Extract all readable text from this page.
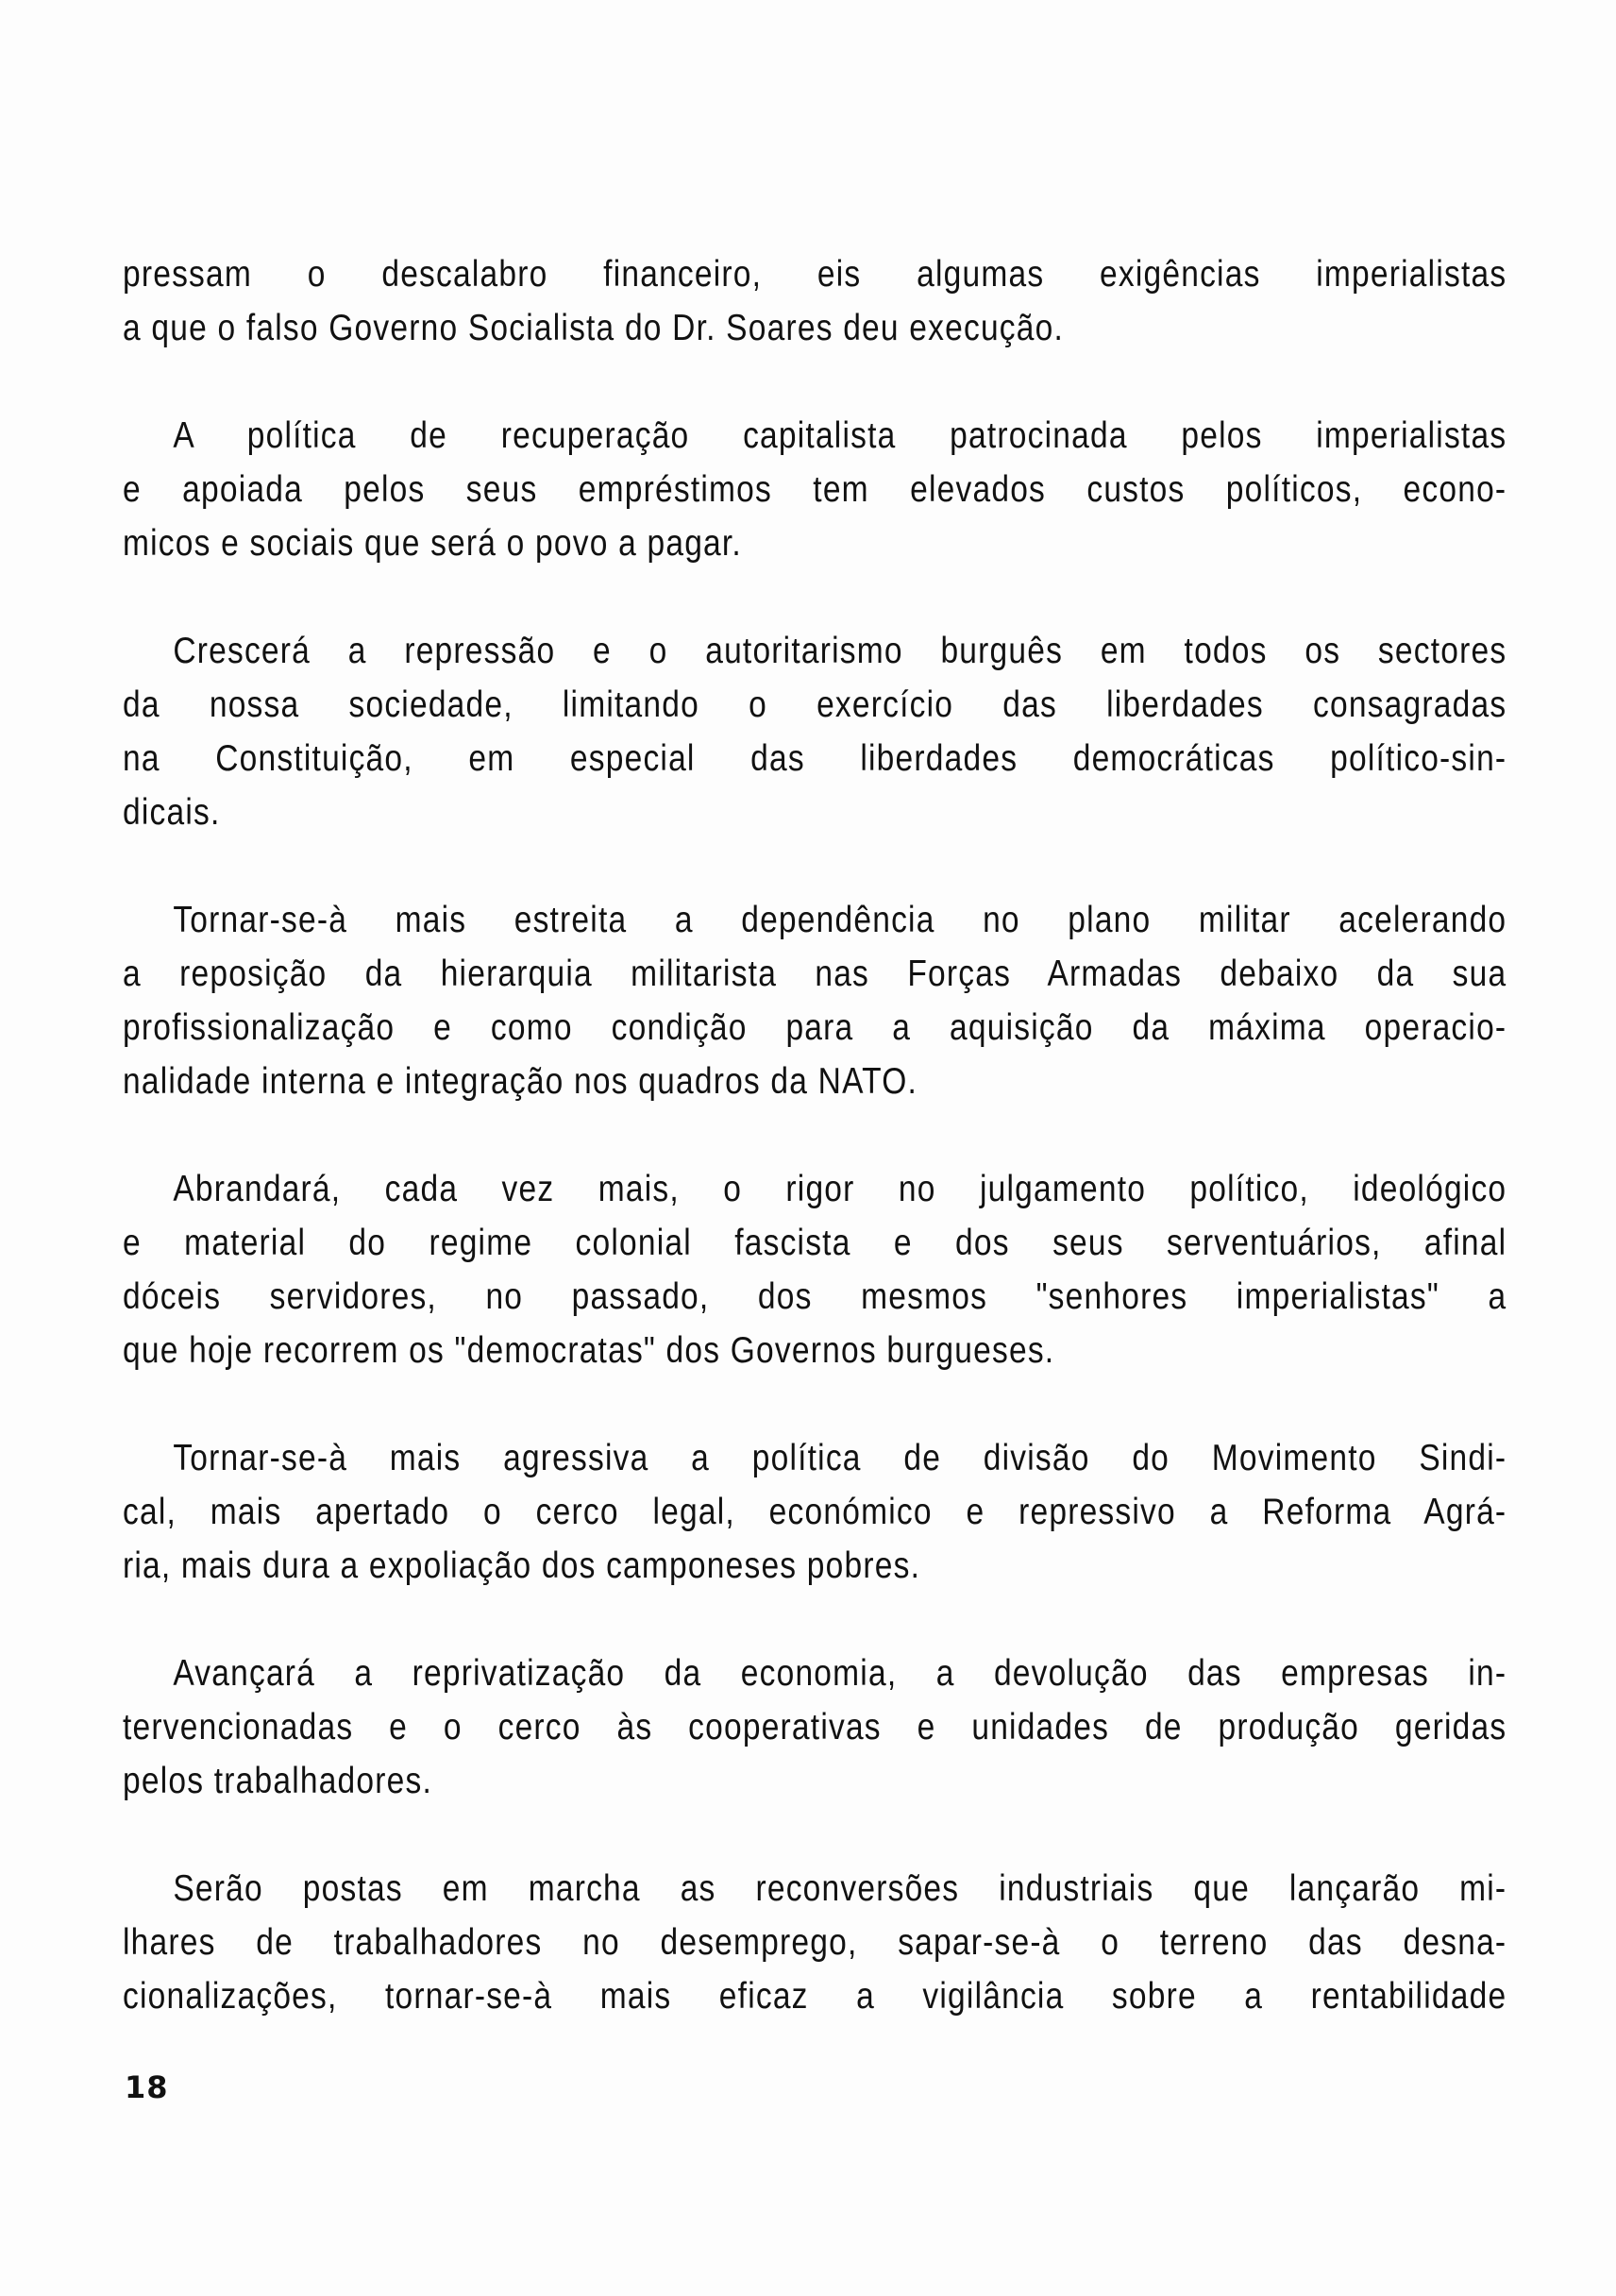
pressam o descalabro financeiro, eis algumas exigências imperialistas
a que o falso Governo Socialista do Dr. Soares deu execução.
A política de recuperação capitalista patrocinada pelos imperialistas
e apoiada pelos seus empréstimos tem elevados custos políticos, econo-
micos e sociais que será o povo a pagar.
Crescerá a repressão e o autoritarismo burguês em todos os sectores
da nossa sociedade, limitando o exercício das liberdades consagradas
na Constituição, em especial das liberdades democráticas político-sin-
dicais.
Tornar-se-à mais estreita a dependência no plano militar acelerando
a reposição da hierarquia militarista nas Forças Armadas debaixo da sua
profissionalização e como condição para a aquisição da máxima operacio-
nalidade interna e integração nos quadros da NATO.
Abrandará, cada vez mais, o rigor no julgamento político, ideológico
e material do regime colonial fascista e dos seus serventuários, afinal
dóceis servidores, no passado, dos mesmos "senhores imperialistas" a
que hoje recorrem os "democratas" dos Governos burgueses.
Tornar-se-à mais agressiva a política de divisão do Movimento Sindi-
cal, mais apertado o cerco legal, económico e repressivo a Reforma Agrá-
ria, mais dura a expoliação dos camponeses pobres.
Avançará a reprivatização da economia, a devolução das empresas in-
tervencionadas e o cerco às cooperativas e unidades de produção geridas
pelos trabalhadores.
Serão postas em marcha as reconversões industriais que lançarão mi-
lhares de trabalhadores no desemprego, sapar-se-à o terreno das desna-
cionalizações, tornar-se-à mais eficaz a vigilância sobre a rentabilidade
18
